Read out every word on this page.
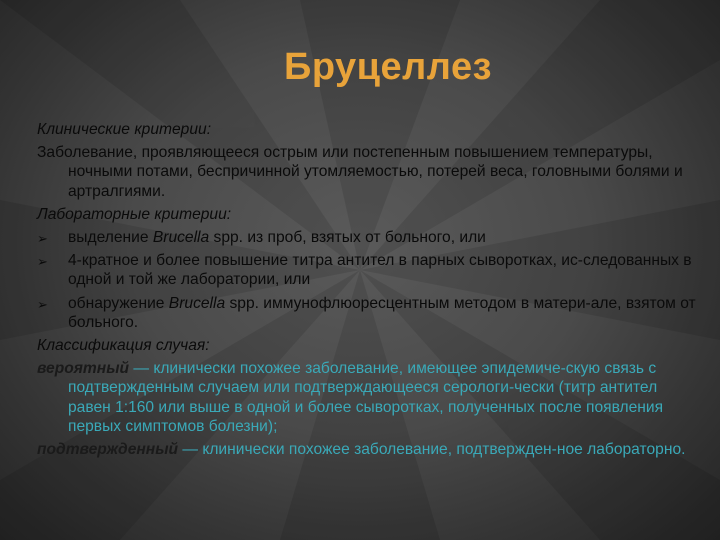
Бруцеллез
Клинические критерии:
Заболевание, проявляющееся острым или постепенным повышением температуры, ночными потами, беспричинной утомляемостью, потерей веса, головными болями и артралгиями.
Лабораторные критерии:
➢ выделение Brucella spp. из проб, взятых от больного, или
➢ 4-кратное и более повышение титра антител в парных сыворотках, ис-следованных в одной и той же лаборатории, или
➢ обнаружение Brucella spp. иммунофлюоресцентным методом в матери-але, взятом от больного.
Классификация случая:
вероятный — клинически похожее заболевание, имеющее эпидемиче-скую связь с подтвержденным случаем или подтверждающееся серологи-чески (титр антител равен 1:160 или выше в одной и более сыворотках, полученных после появления первых симптомов болезни);
подтвержденный — клинически похожее заболевание, подтвержден-ное лабораторно.
